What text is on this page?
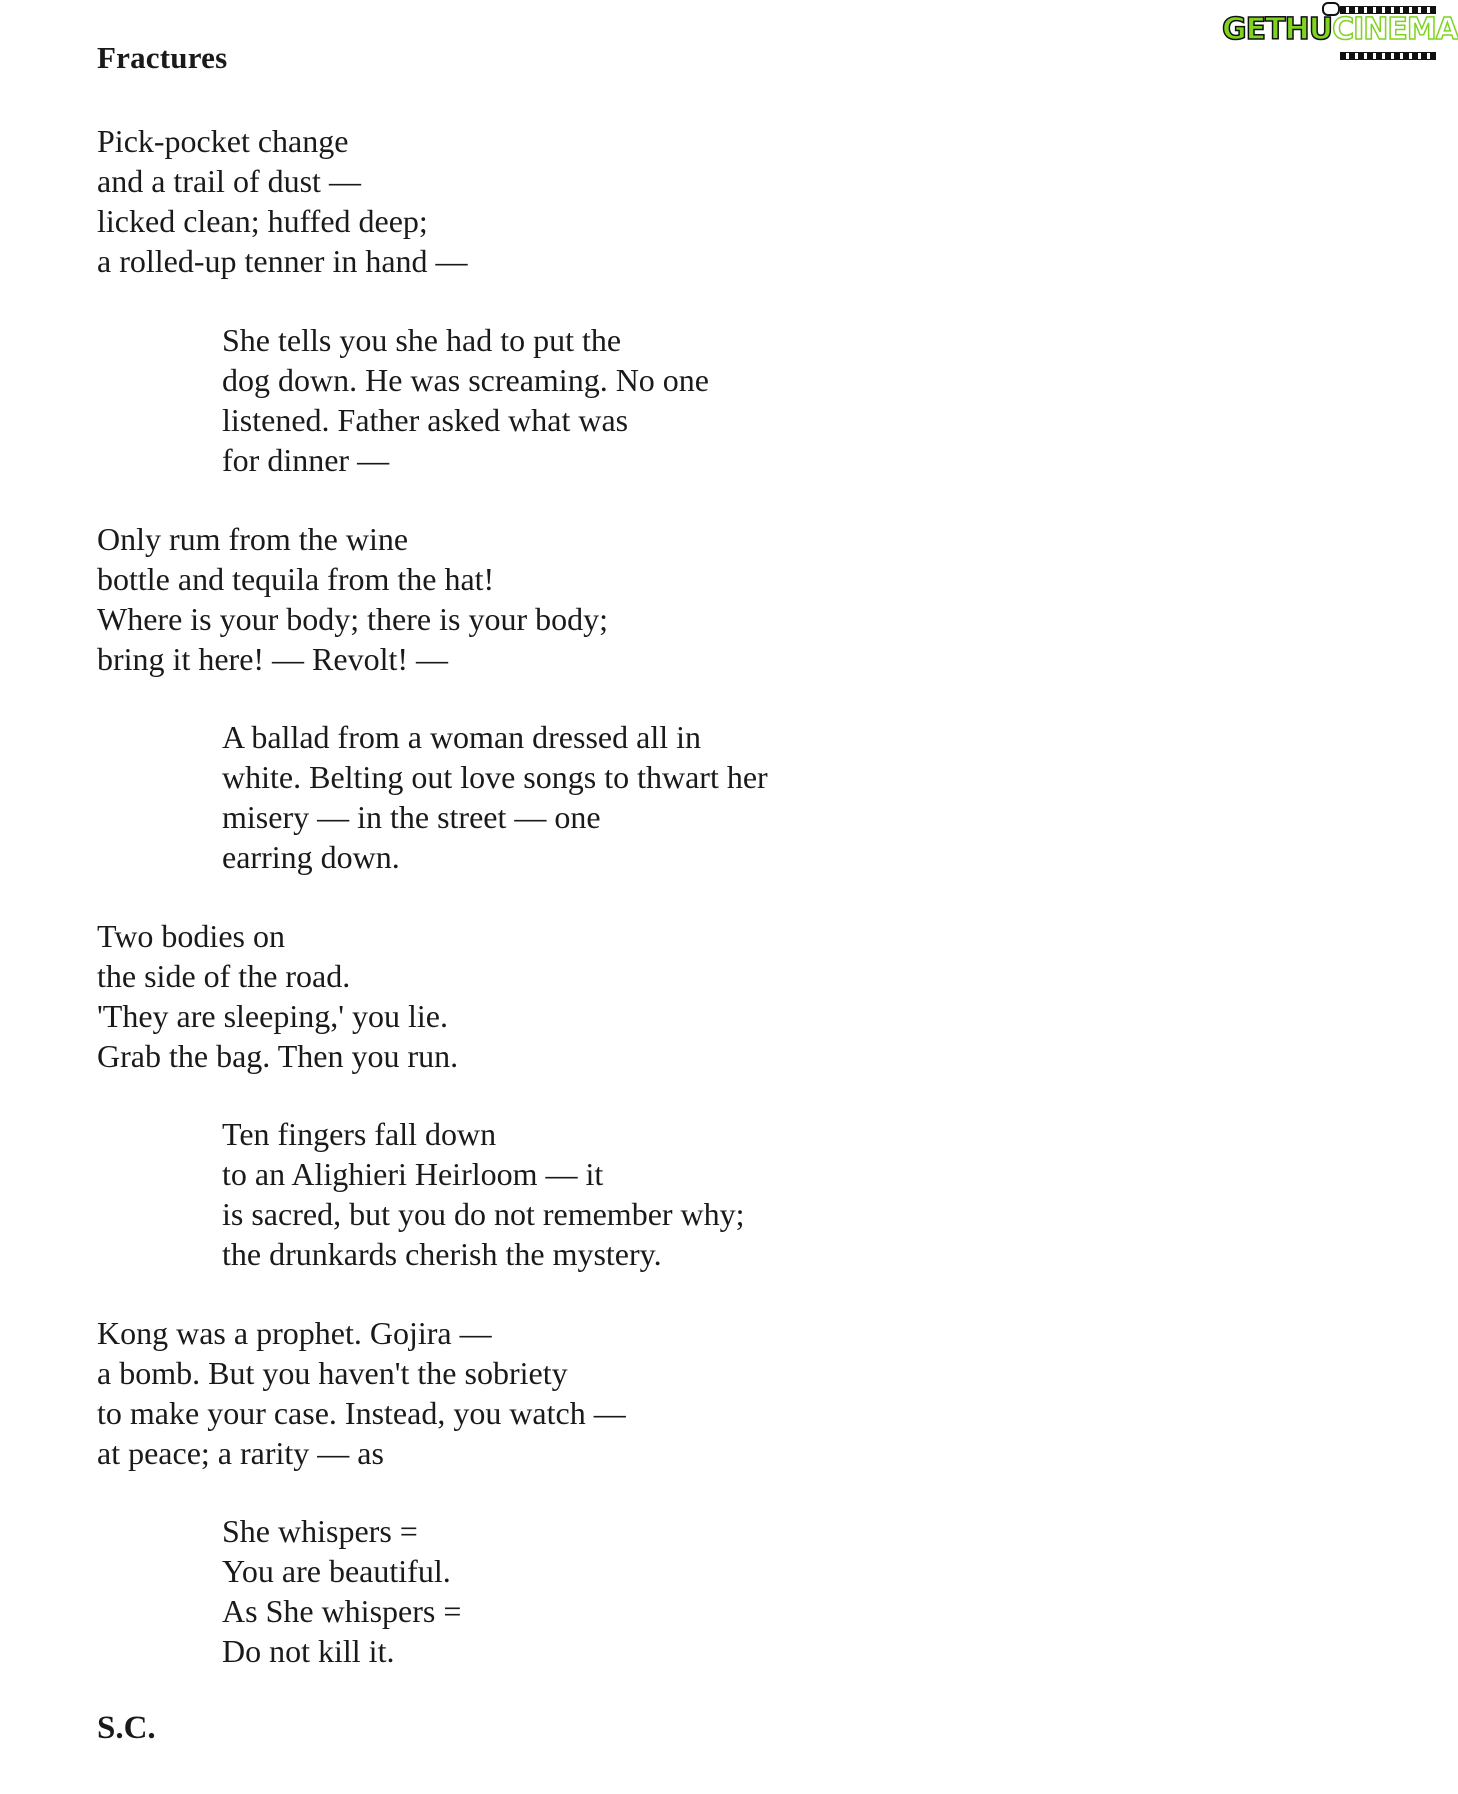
GETHUCINEMA
Fractures

Pick-pocket change
and a trail of dust —
licked clean; huffed deep;
a rolled-up tenner in hand —

She tells you she had to put the
dog down. He was screaming. No one
listened. Father asked what was
for dinner —

Only rum from the wine
bottle and tequila from the hat!
Where is your body; there is your body;
bring it here! — Revolt! —

A ballad from a woman dressed all in
white. Belting out love songs to thwart her
misery — in the street — one
earring down.

Two bodies on
the side of the road.
'They are sleeping,' you lie.
Grab the bag. Then you run.

Ten fingers fall down
to an Alighieri Heirloom — it
is sacred, but you do not remember why;
the drunkards cherish the mystery.

Kong was a prophet. Gojira —
a bomb. But you haven't the sobriety
to make your case. Instead, you watch —
at peace; a rarity — as

She whispers =
You are beautiful.
As She whispers =
Do not kill it.

S.C.
